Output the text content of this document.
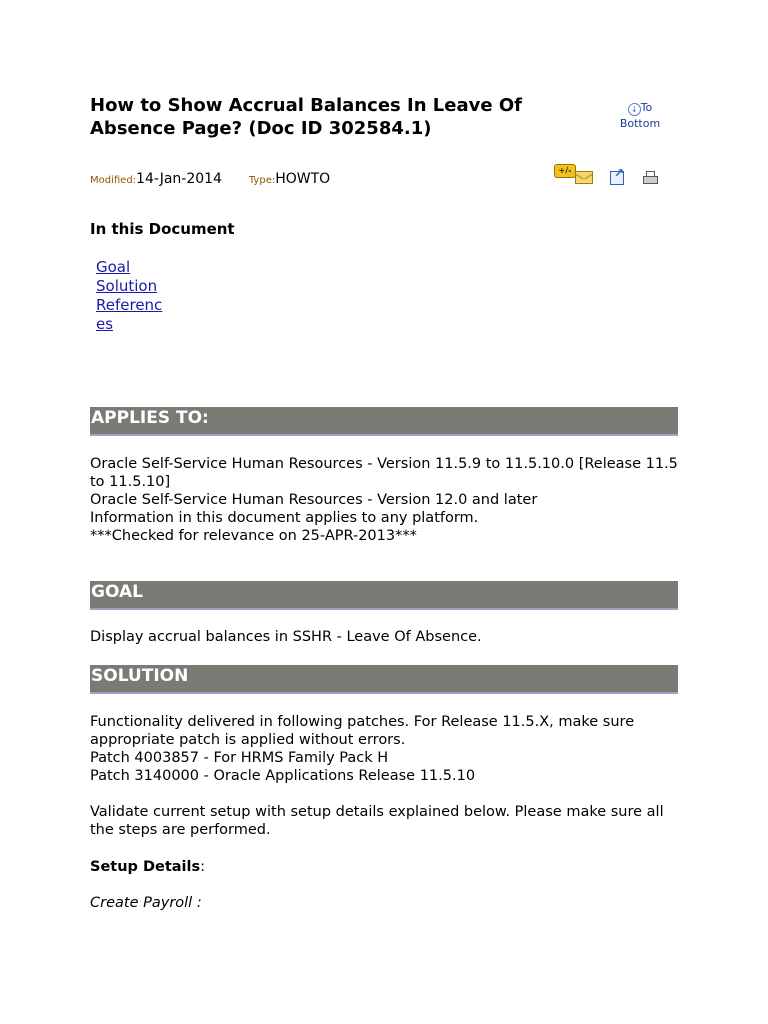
How to Show Accrual Balances In Leave Of Absence Page? (Doc ID 302584.1)
↓ To Bottom
Modified:14-Jan-2014	Type:HOWTO
+/-
↗
In this Document
Goal
Solution
References
APPLIES TO:
Oracle Self-Service Human Resources - Version 11.5.9 to 11.5.10.0 [Release 11.5 to 11.5.10]
Oracle Self-Service Human Resources - Version 12.0 and later
Information in this document applies to any platform.
***Checked for relevance on 25-APR-2013***
GOAL

Display accrual balances in SSHR - Leave Of Absence.

SOLUTION
Functionality delivered in following patches. For Release 11.5.X, make sure appropriate patch is applied without errors.
Patch 4003857 - For HRMS Family Pack H
Patch 3140000 - Oracle Applications Release 11.5.10

Validate current setup with setup details explained below. Please make sure all the steps are performed.

Setup Details:

Create Payroll :
